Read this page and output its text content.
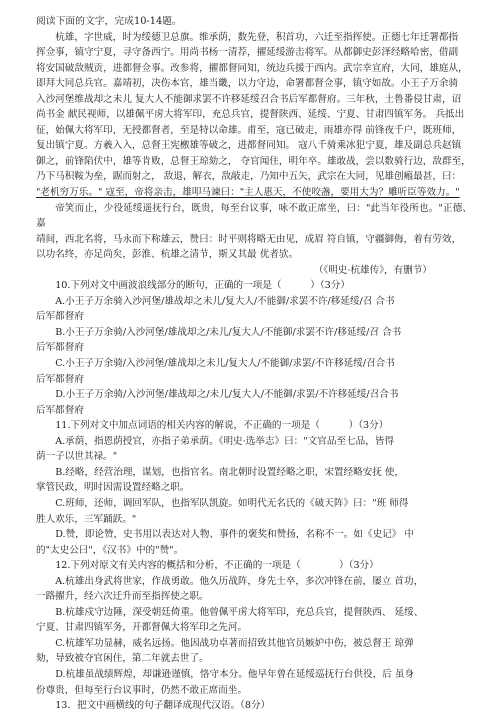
阅读下面的文字，完成10-14题。

杭雄，字世威，时为绥德卫总旗。维承荫，数先登，积首功，六迁至指挥使。正德七年迁署都指

挥佥事，镇守宁夏，寻守备西宁。用尚书杨一清荐，擢延绥游击将军。从都御史彭泽经略哈密，借副

将安国破敌贼贡，进都督佥事。改参将，擢都督同知，统边兵援于西内。武宗幸宣府，大同，雄庭从，

即拜大同总兵官。嘉靖初，决伤本官，雄当畿，以力守边，命署都督佥事，镇守如故。小王子万余骑

入沙河堡维战却之未儿 复大人不能御求罢不许移延绥召合书后军都督府。三年秋，土鲁番侵甘肃，诏

尚书金 献民视师，以雄佩平虏大将军印，充总兵官，提督陕西、延绥、宁夏、甘肃四镇军务。 兵抵出

征，始佩大将军印，无授都督者，至是特以命雄。甫至，寇已破走，雨雄亦得 前锋夜千户，既班师，

复出镇宁夏。方羲入入，总督王宪檄雄等破之，进都督同知。 寇八千骑乘冰犯宁夏，雄及副总兵赵镇

御之，前锋陷伏中，雄等肯败，总督王琼劾之， 夺官闻住，明年卒。雄敢战，尝以数骑行边，敌群至，

乃下马积鞍为垒，踞而射之， 敌退，解衣，敌敲走，乃知中五矢，武宗在大同，见雄创瘢最甚，曰：

"老机穷万乐。" 寇至，帝将亲击，雄叩马谏曰："主人惠天，不使咬盏，要用大为？雕听臣等效力。"

帝笑而止，少役延绥遥抚行台，既贵，每至台议事，咏不敢正席坐，曰："此当年役所也。"正德、嘉

靖间，西北名将，马永而下称雄云，赞曰：时平则将略无由见，成眉 符自镇，守疆御侮，着有劳效，

以功名终，亦足尚矣，彭淮、杭雄之清节，斯又其最 优者欤。

（《明史·杭雄传》，有删节）

10.下列对文中画波浪线部分的断句，正确的一项是（　　　）（3分）

A.小王子万余骑入沙河堡/雄战却之未儿/复大人/不能御/求罢不许/移延绥/召 合书

后军都督府

B.小王子万余骑/入沙河堡/雄战却之/未儿/复大人/不能御/求罢不许/移延绥/召 合书

后军都督府

C.小王子万余骑/入沙河堡/雄战却之未儿/复大人/不能御/求罢/不许移延绥/召合书

后军都督府

D.小王子万余骑/入沙河堡/雄战却之/未儿/复大人/不能御/求罢/不许移延绥/召合书

后军都督府

11.下列对文中加点词语的相关内容的解说，不正确的一项是（　　　）（3分）

A.承荫，指恩荫授官，亦指子弟承荫。《明史·选举志》曰："文官品至七品，皆得

荫一子以世其禄。"

B.经略，经营治理，谋划，也指官名。南北朝时设置经略之职，宋置经略安抚 使，

掌管民政，明时因需设置经略之职。

C.班师，还师，调回军队，也指军队凯旋。如明代无名氏的《破天阵》曰："班 师得

胜人欢乐，三军踊跃。"

D.赞，即论赞，史书用以表达对人物、事件的褒奖和赞扬，名称不一。如《史记》 中

的"太史公曰"，《汉书》中的"赞"。

12.下列对原文有关内容的概括和分析，不正确的一项是（　　　　）（3分）

A.杭雄出身武将世家，作战勇敢。他久历战阵，身先士卒，多次冲锋在前，屡立 首功，

一路擢升，经六次迁升而至指挥使之职。

B.杭雄戍守边陲，深受朝廷倚重。他曾佩平虏大将军印，充总兵官，提督陕西、 延绥、

宁夏、甘肃四镇军务，开都督佩大将军印之先河。

C.杭雄军功显赫，威名远扬。他因战功卓著而招致其他官员嫉妒中伤，被总督王 琼弹

劾，导致被夺官闲住，第二年就去世了。

D.杭雄虽战绩辉煌，却谦逊谨慎，恪守本分。他早年曾在延绥巡抚行台供役，后 虽身

份尊贵，但每至行台议事时，仍然不敢正席而坐。

13．把文中画横线的句子翻译成现代汉语。（8分）
